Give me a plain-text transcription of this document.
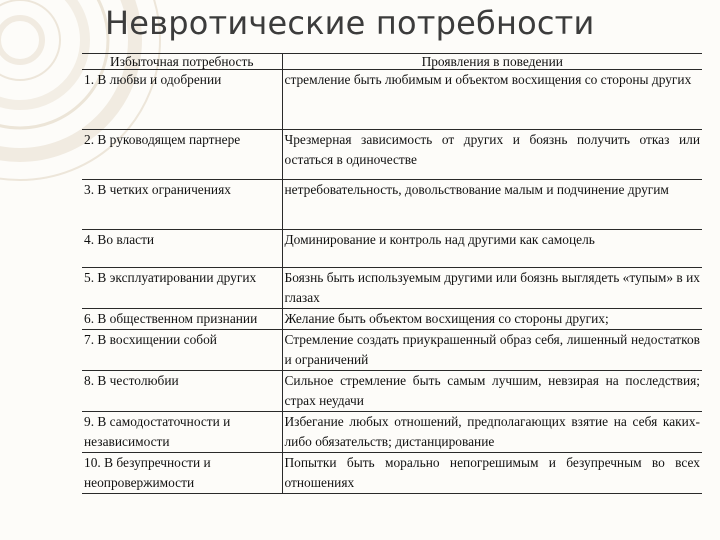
Невротические потребности
Избыточная потребность	Проявления в поведении
1. В любви и одобрении	стремление быть любимым и объектом восхищения со стороны других
2. В руководящем партнере	Чрезмерная зависимость от других и боязнь получить отказ или остаться в одиночестве
3. В четких ограничениях	нетребовательность, довольствование малым и подчинение другим
4. Во власти	Доминирование и контроль над другими как самоцель
5. В эксплуатировании других	Боязнь быть используемым другими или боязнь выглядеть «тупым» в их глазах
6. В общественном признании	Желание быть объектом восхищения со стороны других;
7. В восхищении собой	Стремление создать приукрашенный образ себя, лишенный недостатков и ограничений
8. В честолюбии	Сильное стремление быть самым лучшим, невзирая на последствия; страх неудачи
9. В самодостаточности и независимости	Избегание любых отношений, предполагающих взятие на себя каких-либо обязательств; дистанцирование
10. В безупречности и неопровержимости	Попытки быть морально непогрешимым и безупречным во всех отношениях
